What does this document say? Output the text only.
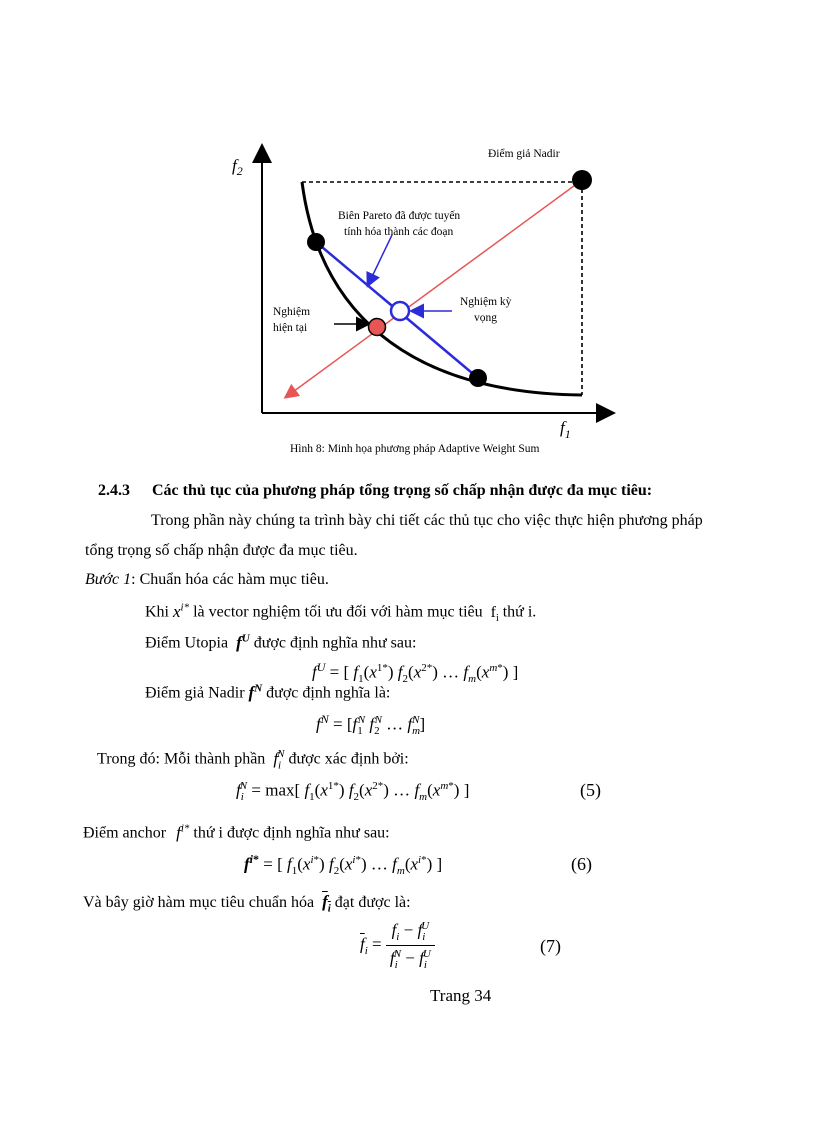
$f_2$
$f_1$
Điểm giả Nadir
Biên Pareto đã được tuyến
tính hóa thành các đoạn
Nghiệm
hiện tại
Nghiệm kỳ
vọng
Hình 8: Minh họa phương pháp Adaptive Weight Sum
2.4.3 Các thủ tục của phương pháp tổng trọng số chấp nhận được đa mục tiêu:
Trong phần này chúng ta trình bày chi tiết các thủ tục cho việc thực hiện phương pháp
tổng trọng số chấp nhận được đa mục tiêu.
Bước 1: Chuẩn hóa các hàm mục tiêu.
Khi $x^{i*}$ là vector nghiệm tối ưu đối với hàm mục tiêu $f_i$ thứ i.
Điểm Utopia $f^U$ được định nghĩa như sau:
$f^U$ = [ $f_1(x^{1*})$ $f_2(x^{2*})$ … $f_m(x^{m*})$ ]
Điểm giả Nadir $f^N$ được định nghĩa là:
$f^N = [f_1^N$ $f_2^N$ … $f_m^N$]
Trong đó: Mỗi thành phần $f_i^N$ được xác định bởi:
$f_i^N = \max$[ $f_1(x^{1*})$ $f_2(x^{2*})$ … $f_m(x^{m*})$ ]	(5)
Điểm anchor $f^{i*}$ thứ i được định nghĩa như sau:
$f^{i*}$ = [ $f_1(x^{i*})$ $f_2(x^{i*})$ … $f_m(x^{i*})$ ]	(6)
Và bây giờ hàm mục tiêu chuẩn hóa $f_i$ đạt được là:
$\overline{f}_i = \frac{f_i - f_i^U}{f_i^N - f_i^U}$	(7)
Trang 34
